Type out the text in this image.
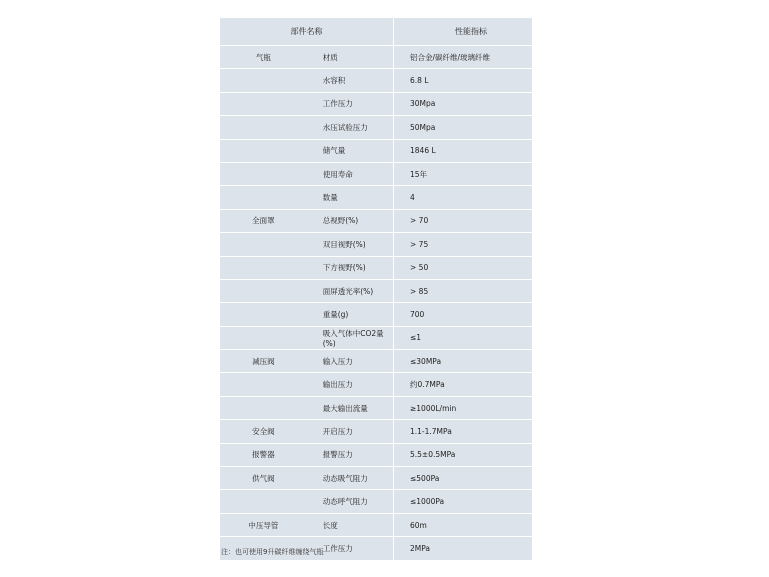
部件名称		性能指标
气瓶	材质	铝合金/碳纤维/玻璃纤维
	水容积	6.8 L
	工作压力	30Mpa
	水压试验压力	50Mpa
	储气量	1846 L
	使用寿命	15年
	数量	4
全面罩	总视野(%)	> 70
	双目视野(%)	> 75
	下方视野(%)	> 50
	面屏透光率(%)	> 85
	重量(g)	700
	吸入气体中CO2量 (%)	≤1
减压阀	输入压力	≤30MPa
	输出压力	约0.7MPa
	最大输出流量	≥1000L/min
安全阀	开启压力	1.1-1.7MPa
报警器	报警压力	5.5±0.5MPa
供气阀	动态吸气阻力	≤500Pa
	动态呼气阻力	≤1000Pa
中压导管	长度	60m
	工作压力	2MPa
注：也可使用9升碳纤维缠绕气瓶
